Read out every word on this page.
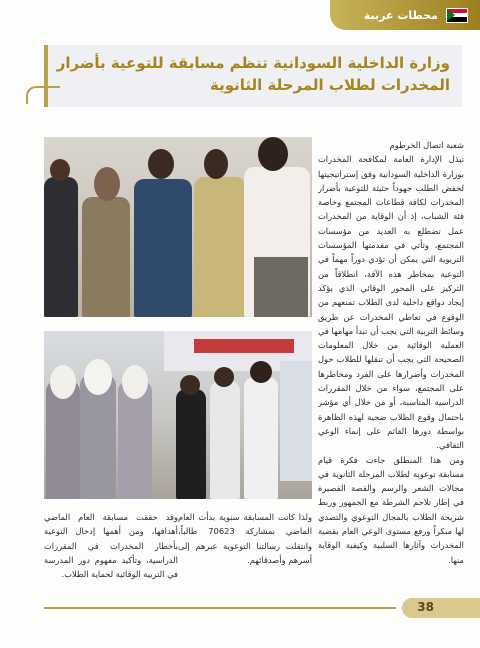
محطات عربية
وزارة الداخلية السودانية تنظم مسابقة للتوعية بأضرار المخدرات لطلاب المرحلة الثانوية

شعبة اتصال الخرطوم

تبذل الإدارة العامة لمكافحة المخدرات بوزارة الداخلية السودانية وفق إستراتيجيتها لخفض الطلب جهوداً حثيثة للتوعية بأضرار المخدرات لكافة قطاعات المجتمع وخاصة فئة الشباب، إذ أن الوقاية من المخدرات عمل تضطلع به العديد من مؤسسات المجتمع، وتأتي في مقدمتها المؤسسات التربوية التي يمكن أن تؤدي دوراً مهماً في التوعية بمخاطر هذه الآفة، انطلاقاً من التركيز على المحور الوقائي الذي يؤكد إيجاد دوافع داخلية لدى الطلاب تمنعهم من الوقوع في تعاطي المخدرات عن طريق وسائط التربية التي يجب أن تبدأ مهامها في العملية الوقائية من خلال المعلومات الصحيحة التي يجب أن تنقلها للطلاب حول المخدرات وأضرارها على الفرد ومخاطرها على المجتمع، سواء من خلال المقررات الدراسية المناسبة، أو من خلال أي مؤشر باحتمال وقوع الطلاب ضحية لهذه الظاهرة بواسطة دورها القائم على إنماء الوعي الثقافي.

ومن هذا المنطلق جاءت فكرة قيام مسابقة توعوية لطلاب المرحلة الثانوية في مجالات الشعر والرسم والقصة القصيرة في إطار تلاحم الشرطة مع الجمهور وربط شريحة الطلاب بالمجال التوعوي والتصدي لها مبكراً ورفع مستوى الوعي العام بقضية المخدرات وآثارها السلبية وكيفية الوقاية منها.

ولذا كانت المسابقة سنوية بدأت العام الماضي بمشاركة 70623 طالباً، وانتقلت رسالتنا التوعوية عبرهم إلى أسرهم وأصدقائهم.

وقد حققت مسابقة العام الماضي أهدافها، ومن أهمها إدخال التوعية بأخطار المخدرات في المقررات الدراسية، وتأكيد مفهوم دور المدرسة في التربية الوقائية لحماية الطلاب.

38
